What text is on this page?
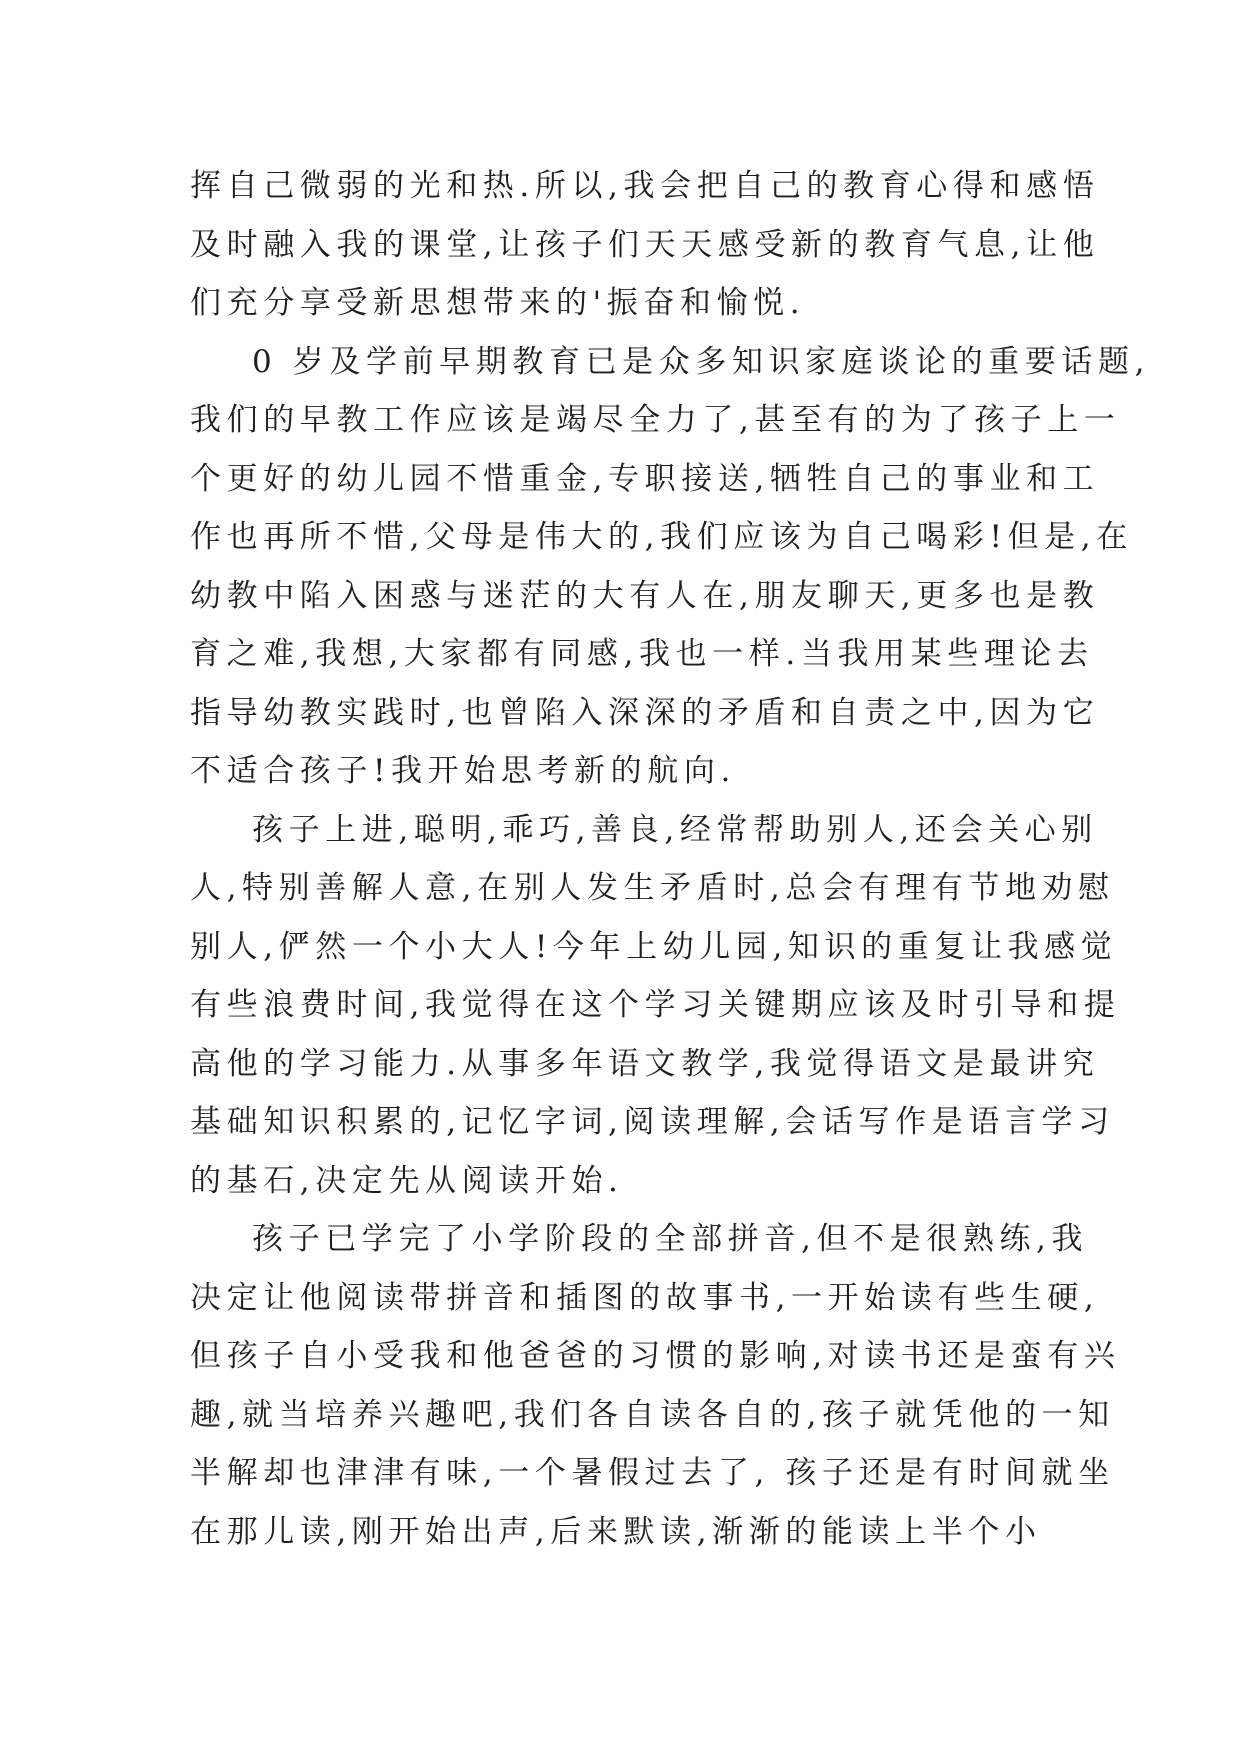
挥自己微弱的光和热.所以,我会把自己的教育心得和感悟
及时融入我的课堂,让孩子们天天感受新的教育气息,让他
们充分享受新思想带来的'振奋和愉悦.
0 岁及学前早期教育已是众多知识家庭谈论的重要话题,
我们的早教工作应该是竭尽全力了,甚至有的为了孩子上一
个更好的幼儿园不惜重金,专职接送,牺牲自己的事业和工
作也再所不惜,父母是伟大的,我们应该为自己喝彩!但是,在
幼教中陷入困惑与迷茫的大有人在,朋友聊天,更多也是教
育之难,我想,大家都有同感,我也一样.当我用某些理论去
指导幼教实践时,也曾陷入深深的矛盾和自责之中,因为它
不适合孩子!我开始思考新的航向.
孩子上进,聪明,乖巧,善良,经常帮助别人,还会关心别
人,特别善解人意,在别人发生矛盾时,总会有理有节地劝慰
别人,俨然一个小大人!今年上幼儿园,知识的重复让我感觉
有些浪费时间,我觉得在这个学习关键期应该及时引导和提
高他的学习能力.从事多年语文教学,我觉得语文是最讲究
基础知识积累的,记忆字词,阅读理解,会话写作是语言学习
的基石,决定先从阅读开始.
孩子已学完了小学阶段的全部拼音,但不是很熟练,我
决定让他阅读带拼音和插图的故事书,一开始读有些生硬,
但孩子自小受我和他爸爸的习惯的影响,对读书还是蛮有兴
趣,就当培养兴趣吧,我们各自读各自的,孩子就凭他的一知
半解却也津津有味,一个暑假过去了, 孩子还是有时间就坐
在那儿读,刚开始出声,后来默读,渐渐的能读上半个小
